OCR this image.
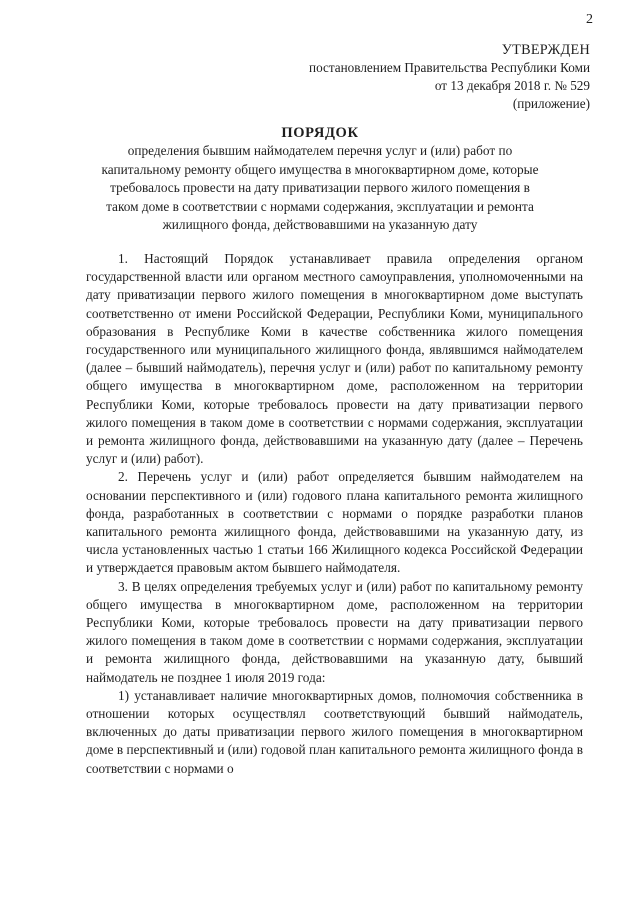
2
УТВЕРЖДЕН
постановлением Правительства Республики Коми
от 13 декабря 2018 г. № 529
(приложение)
ПОРЯДОК
определения бывшим наймодателем перечня услуг и (или) работ по капитальному ремонту общего имущества в многоквартирном доме, которые требовалось провести на дату приватизации первого жилого помещения в таком доме в соответствии с нормами содержания, эксплуатации и ремонта жилищного фонда, действовавшими на указанную дату

1. Настоящий Порядок устанавливает правила определения органом государственной власти или органом местного самоуправления, уполномоченными на дату приватизации первого жилого помещения в многоквартирном доме выступать соответственно от имени Российской Федерации, Республики Коми, муниципального образования в Республике Коми в качестве собственника жилого помещения государственного или муниципального жилищного фонда, являвшимся наймодателем (далее – бывший наймодатель), перечня услуг и (или) работ по капитальному ремонту общего имущества в многоквартирном доме, расположенном на территории Республики Коми, которые требовалось провести на дату приватизации первого жилого помещения в таком доме в соответствии с нормами содержания, эксплуатации и ремонта жилищного фонда, действовавшими на указанную дату (далее – Перечень услуг и (или) работ).

2. Перечень услуг и (или) работ определяется бывшим наймодателем на основании перспективного и (или) годового плана капитального ремонта жилищного фонда, разработанных в соответствии с нормами о порядке разработки планов капитального ремонта жилищного фонда, действовавшими на указанную дату, из числа установленных частью 1 статьи 166 Жилищного кодекса Российской Федерации и утверждается правовым актом бывшего наймодателя.

3. В целях определения требуемых услуг и (или) работ по капитальному ремонту общего имущества в многоквартирном доме, расположенном на территории Республики Коми, которые требовалось провести на дату приватизации первого жилого помещения в таком доме в соответствии с нормами содержания, эксплуатации и ремонта жилищного фонда, действовавшими на указанную дату, бывший наймодатель не позднее 1 июля 2019 года:

1) устанавливает наличие многоквартирных домов, полномочия собственника в отношении которых осуществлял соответствующий бывший наймодатель, включенных до даты приватизации первого жилого помещения в многоквартирном доме в перспективный и (или) годовой план капитального ремонта жилищного фонда в соответствии с нормами о
